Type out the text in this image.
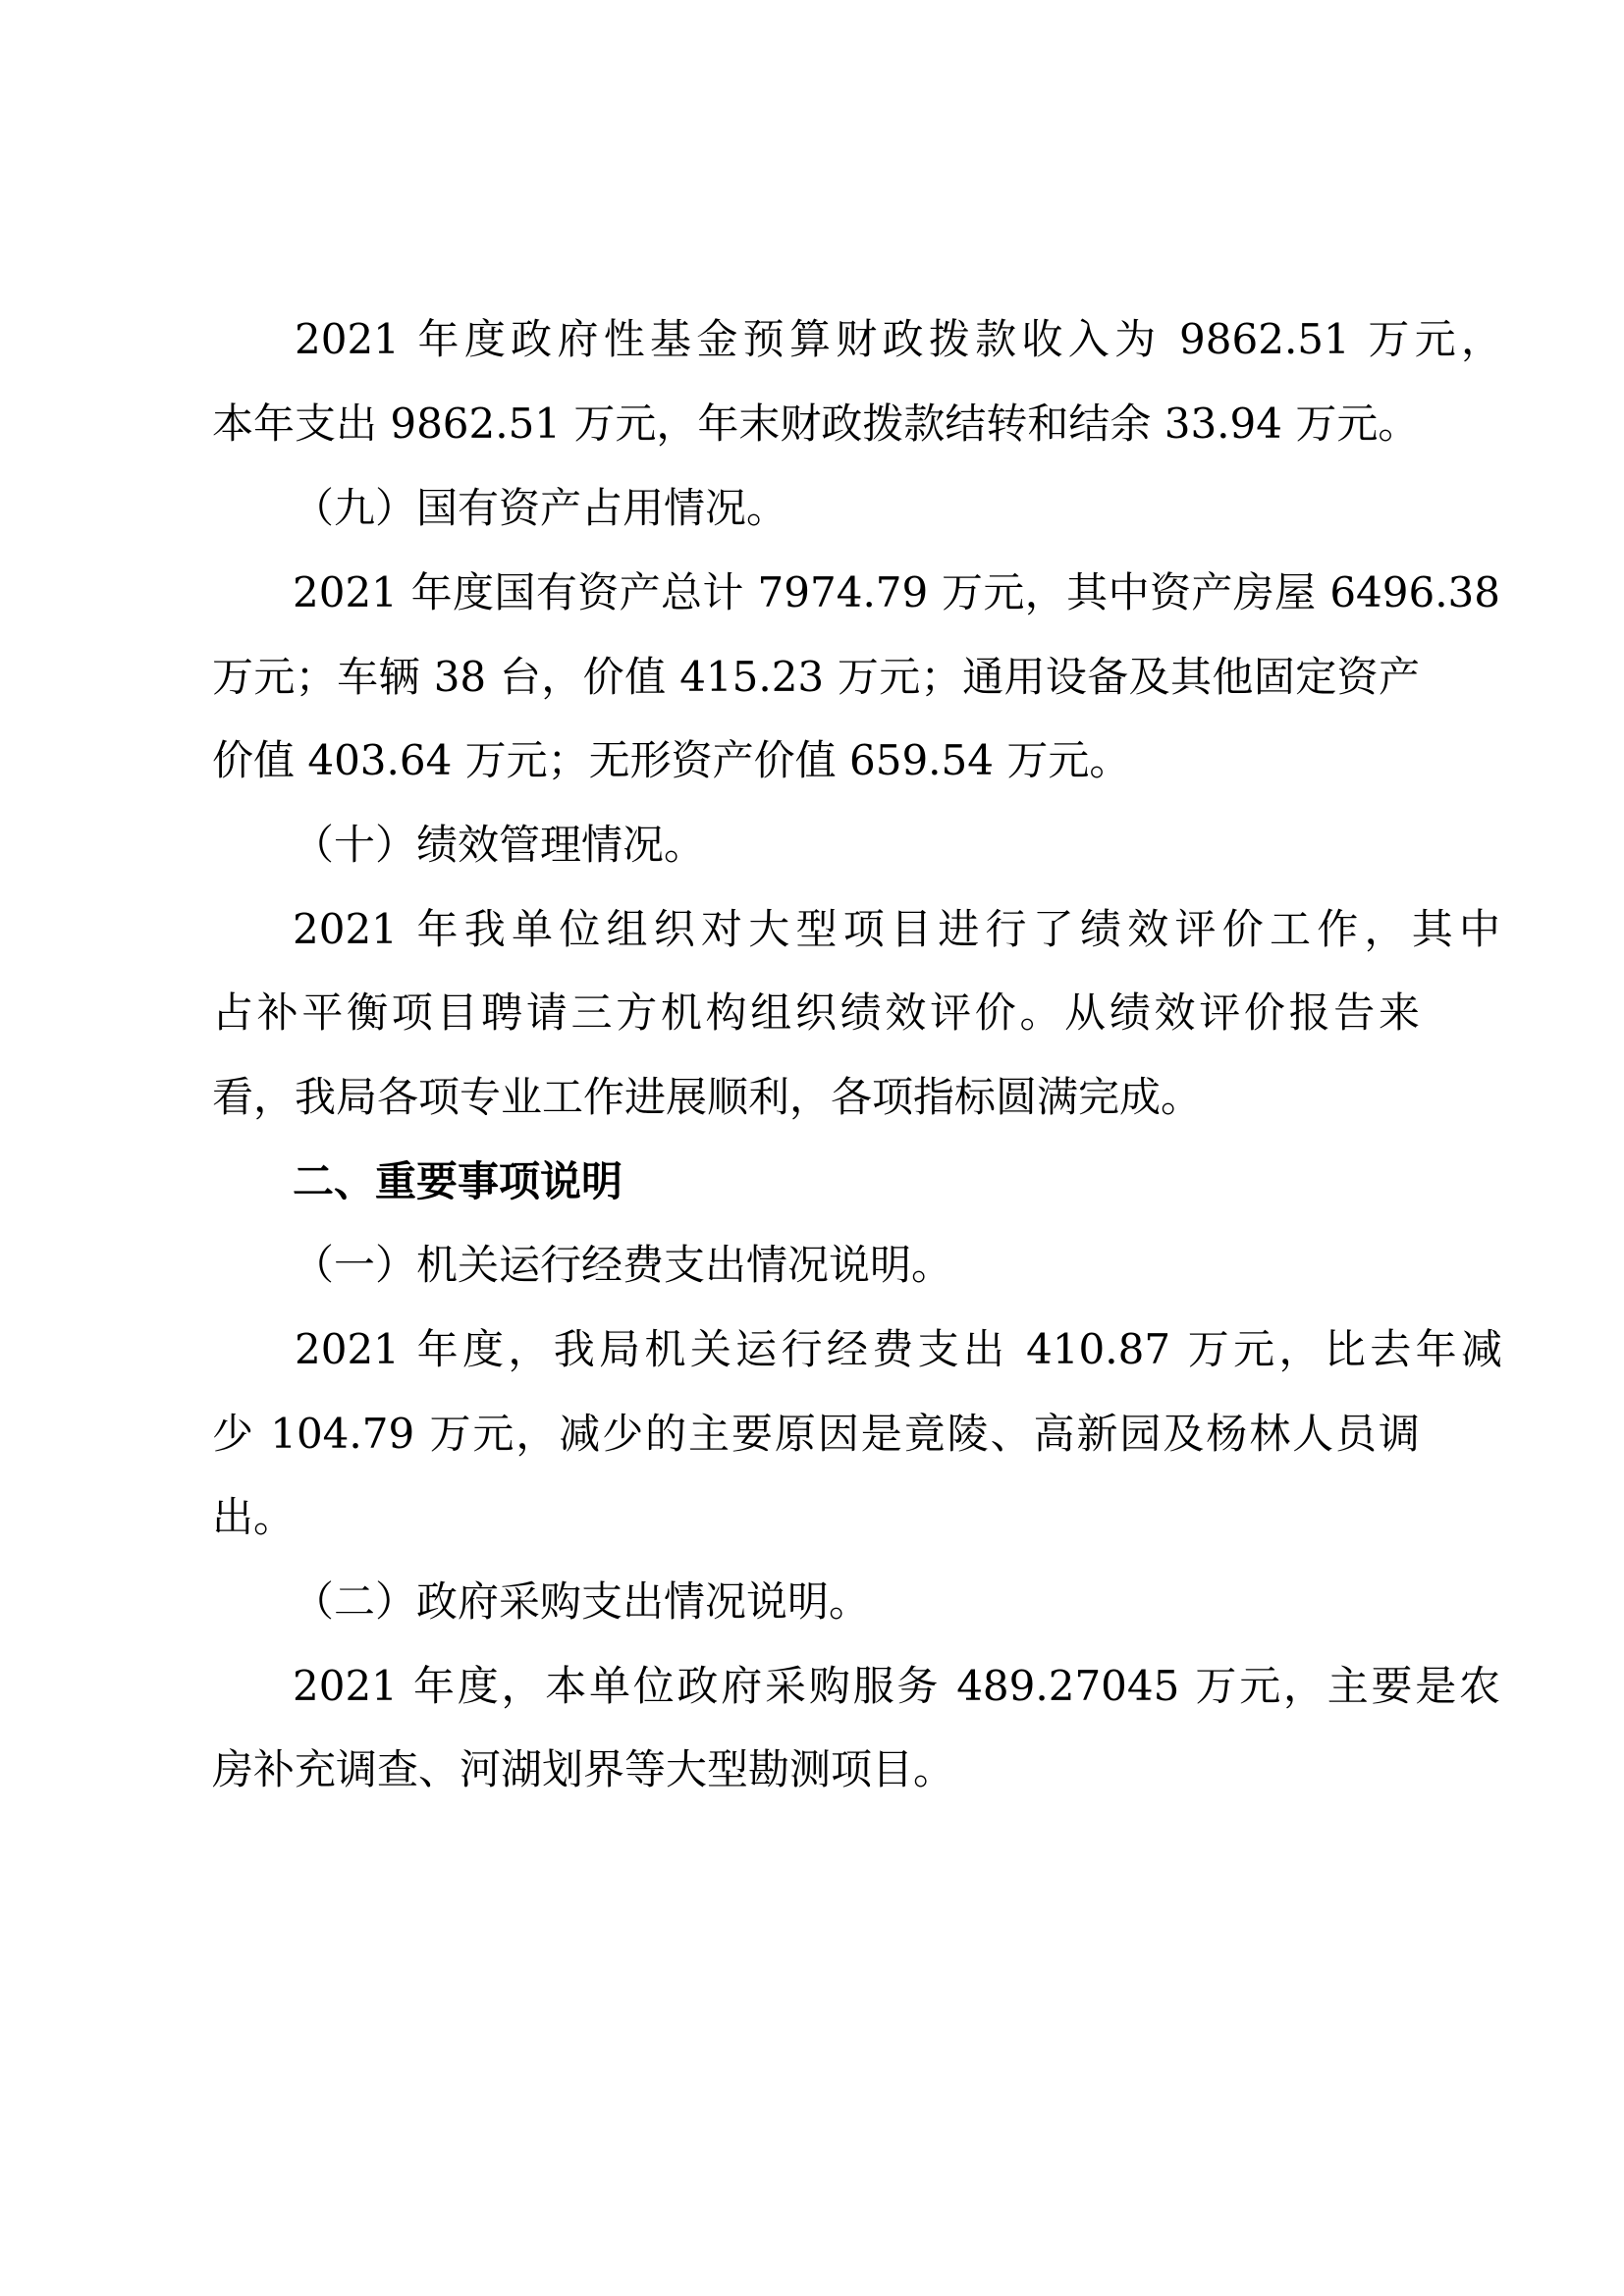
2021 年度政府性基金预算财政拨款收入为 9862.51 万元，

本年支出 9862.51 万元，年末财政拨款结转和结余 33.94 万元。

（九）国有资产占用情况。

2021 年度国有资产总计 7974.79 万元，其中资产房屋 6496.38

万元；车辆 38 台，价值 415.23 万元；通用设备及其他固定资产

价值 403.64 万元；无形资产价值 659.54 万元。

（十）绩效管理情况。

2021 年我单位组织对大型项目进行了绩效评价工作，其中

占补平衡项目聘请三方机构组织绩效评价。从绩效评价报告来

看，我局各项专业工作进展顺利，各项指标圆满完成。

二、重要事项说明

（一）机关运行经费支出情况说明。

2021 年度，我局机关运行经费支出 410.87 万元，比去年减

少 104.79 万元，减少的主要原因是竟陵、高新园及杨林人员调

出。

（二）政府采购支出情况说明。

2021 年度，本单位政府采购服务 489.27045 万元，主要是农

房补充调查、河湖划界等大型勘测项目。
